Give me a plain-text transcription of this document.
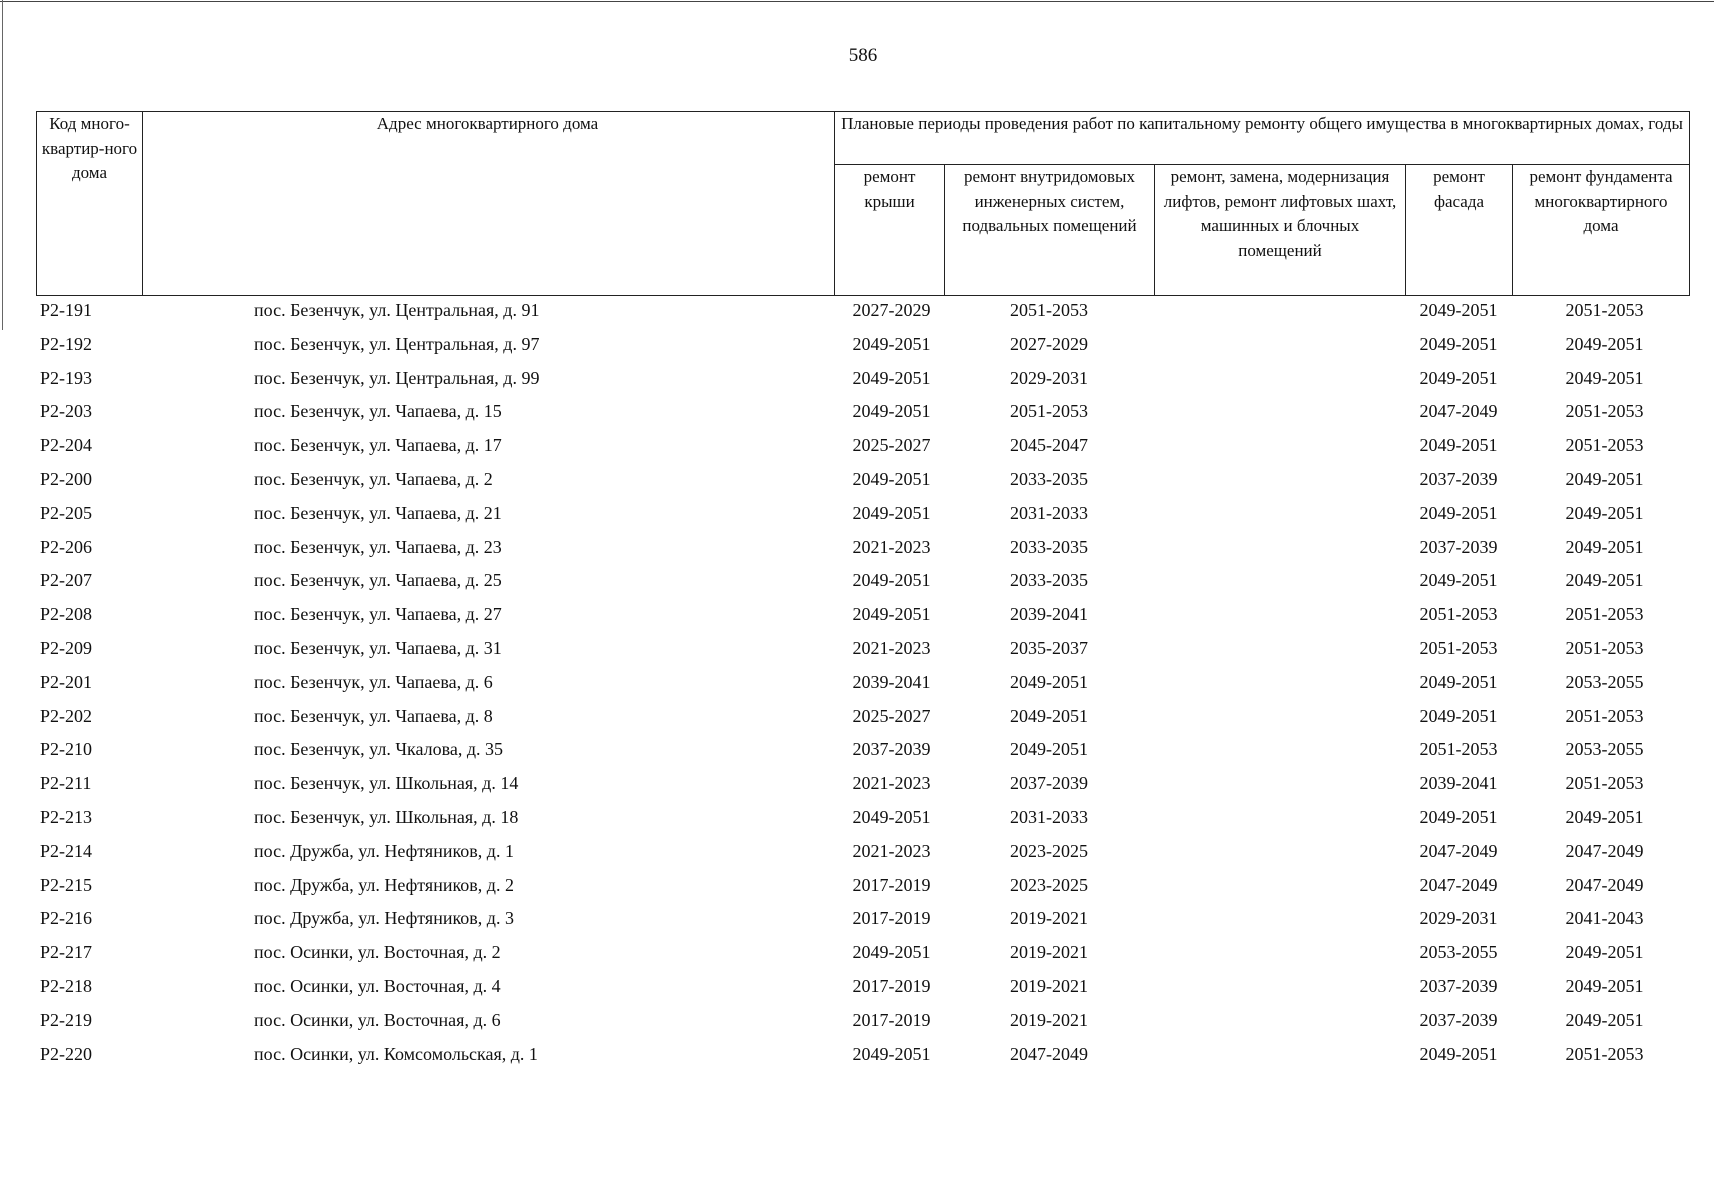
586
Код много-квартир-ного дома	Адрес многоквартирного дома	Плановые периоды проведения работ по капитальному ремонту общего имущества в многоквартирных домах, годы				
		ремонт крыши	ремонт внутридомовых инженерных систем, подвальных помещений	ремонт, замена, модернизация лифтов, ремонт лифтовых шахт, машинных и блочных помещений	ремонт фасада	ремонт фундамента многоквартирного дома
P2-191	пос. Безенчук, ул. Центральная, д. 91	2027-2029	2051-2053		2049-2051	2051-2053
P2-192	пос. Безенчук, ул. Центральная, д. 97	2049-2051	2027-2029		2049-2051	2049-2051
P2-193	пос. Безенчук, ул. Центральная, д. 99	2049-2051	2029-2031		2049-2051	2049-2051
P2-203	пос. Безенчук, ул. Чапаева, д. 15	2049-2051	2051-2053		2047-2049	2051-2053
P2-204	пос. Безенчук, ул. Чапаева, д. 17	2025-2027	2045-2047		2049-2051	2051-2053
P2-200	пос. Безенчук, ул. Чапаева, д. 2	2049-2051	2033-2035		2037-2039	2049-2051
P2-205	пос. Безенчук, ул. Чапаева, д. 21	2049-2051	2031-2033		2049-2051	2049-2051
P2-206	пос. Безенчук, ул. Чапаева, д. 23	2021-2023	2033-2035		2037-2039	2049-2051
P2-207	пос. Безенчук, ул. Чапаева, д. 25	2049-2051	2033-2035		2049-2051	2049-2051
P2-208	пос. Безенчук, ул. Чапаева, д. 27	2049-2051	2039-2041		2051-2053	2051-2053
P2-209	пос. Безенчук, ул. Чапаева, д. 31	2021-2023	2035-2037		2051-2053	2051-2053
P2-201	пос. Безенчук, ул. Чапаева, д. 6	2039-2041	2049-2051		2049-2051	2053-2055
P2-202	пос. Безенчук, ул. Чапаева, д. 8	2025-2027	2049-2051		2049-2051	2051-2053
P2-210	пос. Безенчук, ул. Чкалова, д. 35	2037-2039	2049-2051		2051-2053	2053-2055
P2-211	пос. Безенчук, ул. Школьная, д. 14	2021-2023	2037-2039		2039-2041	2051-2053
P2-213	пос. Безенчук, ул. Школьная, д. 18	2049-2051	2031-2033		2049-2051	2049-2051
P2-214	пос. Дружба, ул. Нефтяников, д. 1	2021-2023	2023-2025		2047-2049	2047-2049
P2-215	пос. Дружба, ул. Нефтяников, д. 2	2017-2019	2023-2025		2047-2049	2047-2049
P2-216	пос. Дружба, ул. Нефтяников, д. 3	2017-2019	2019-2021		2029-2031	2041-2043
P2-217	пос. Осинки, ул. Восточная, д. 2	2049-2051	2019-2021		2053-2055	2049-2051
P2-218	пос. Осинки, ул. Восточная, д. 4	2017-2019	2019-2021		2037-2039	2049-2051
P2-219	пос. Осинки, ул. Восточная, д. 6	2017-2019	2019-2021		2037-2039	2049-2051
P2-220	пос. Осинки, ул. Комсомольская, д. 1	2049-2051	2047-2049		2049-2051	2051-2053
